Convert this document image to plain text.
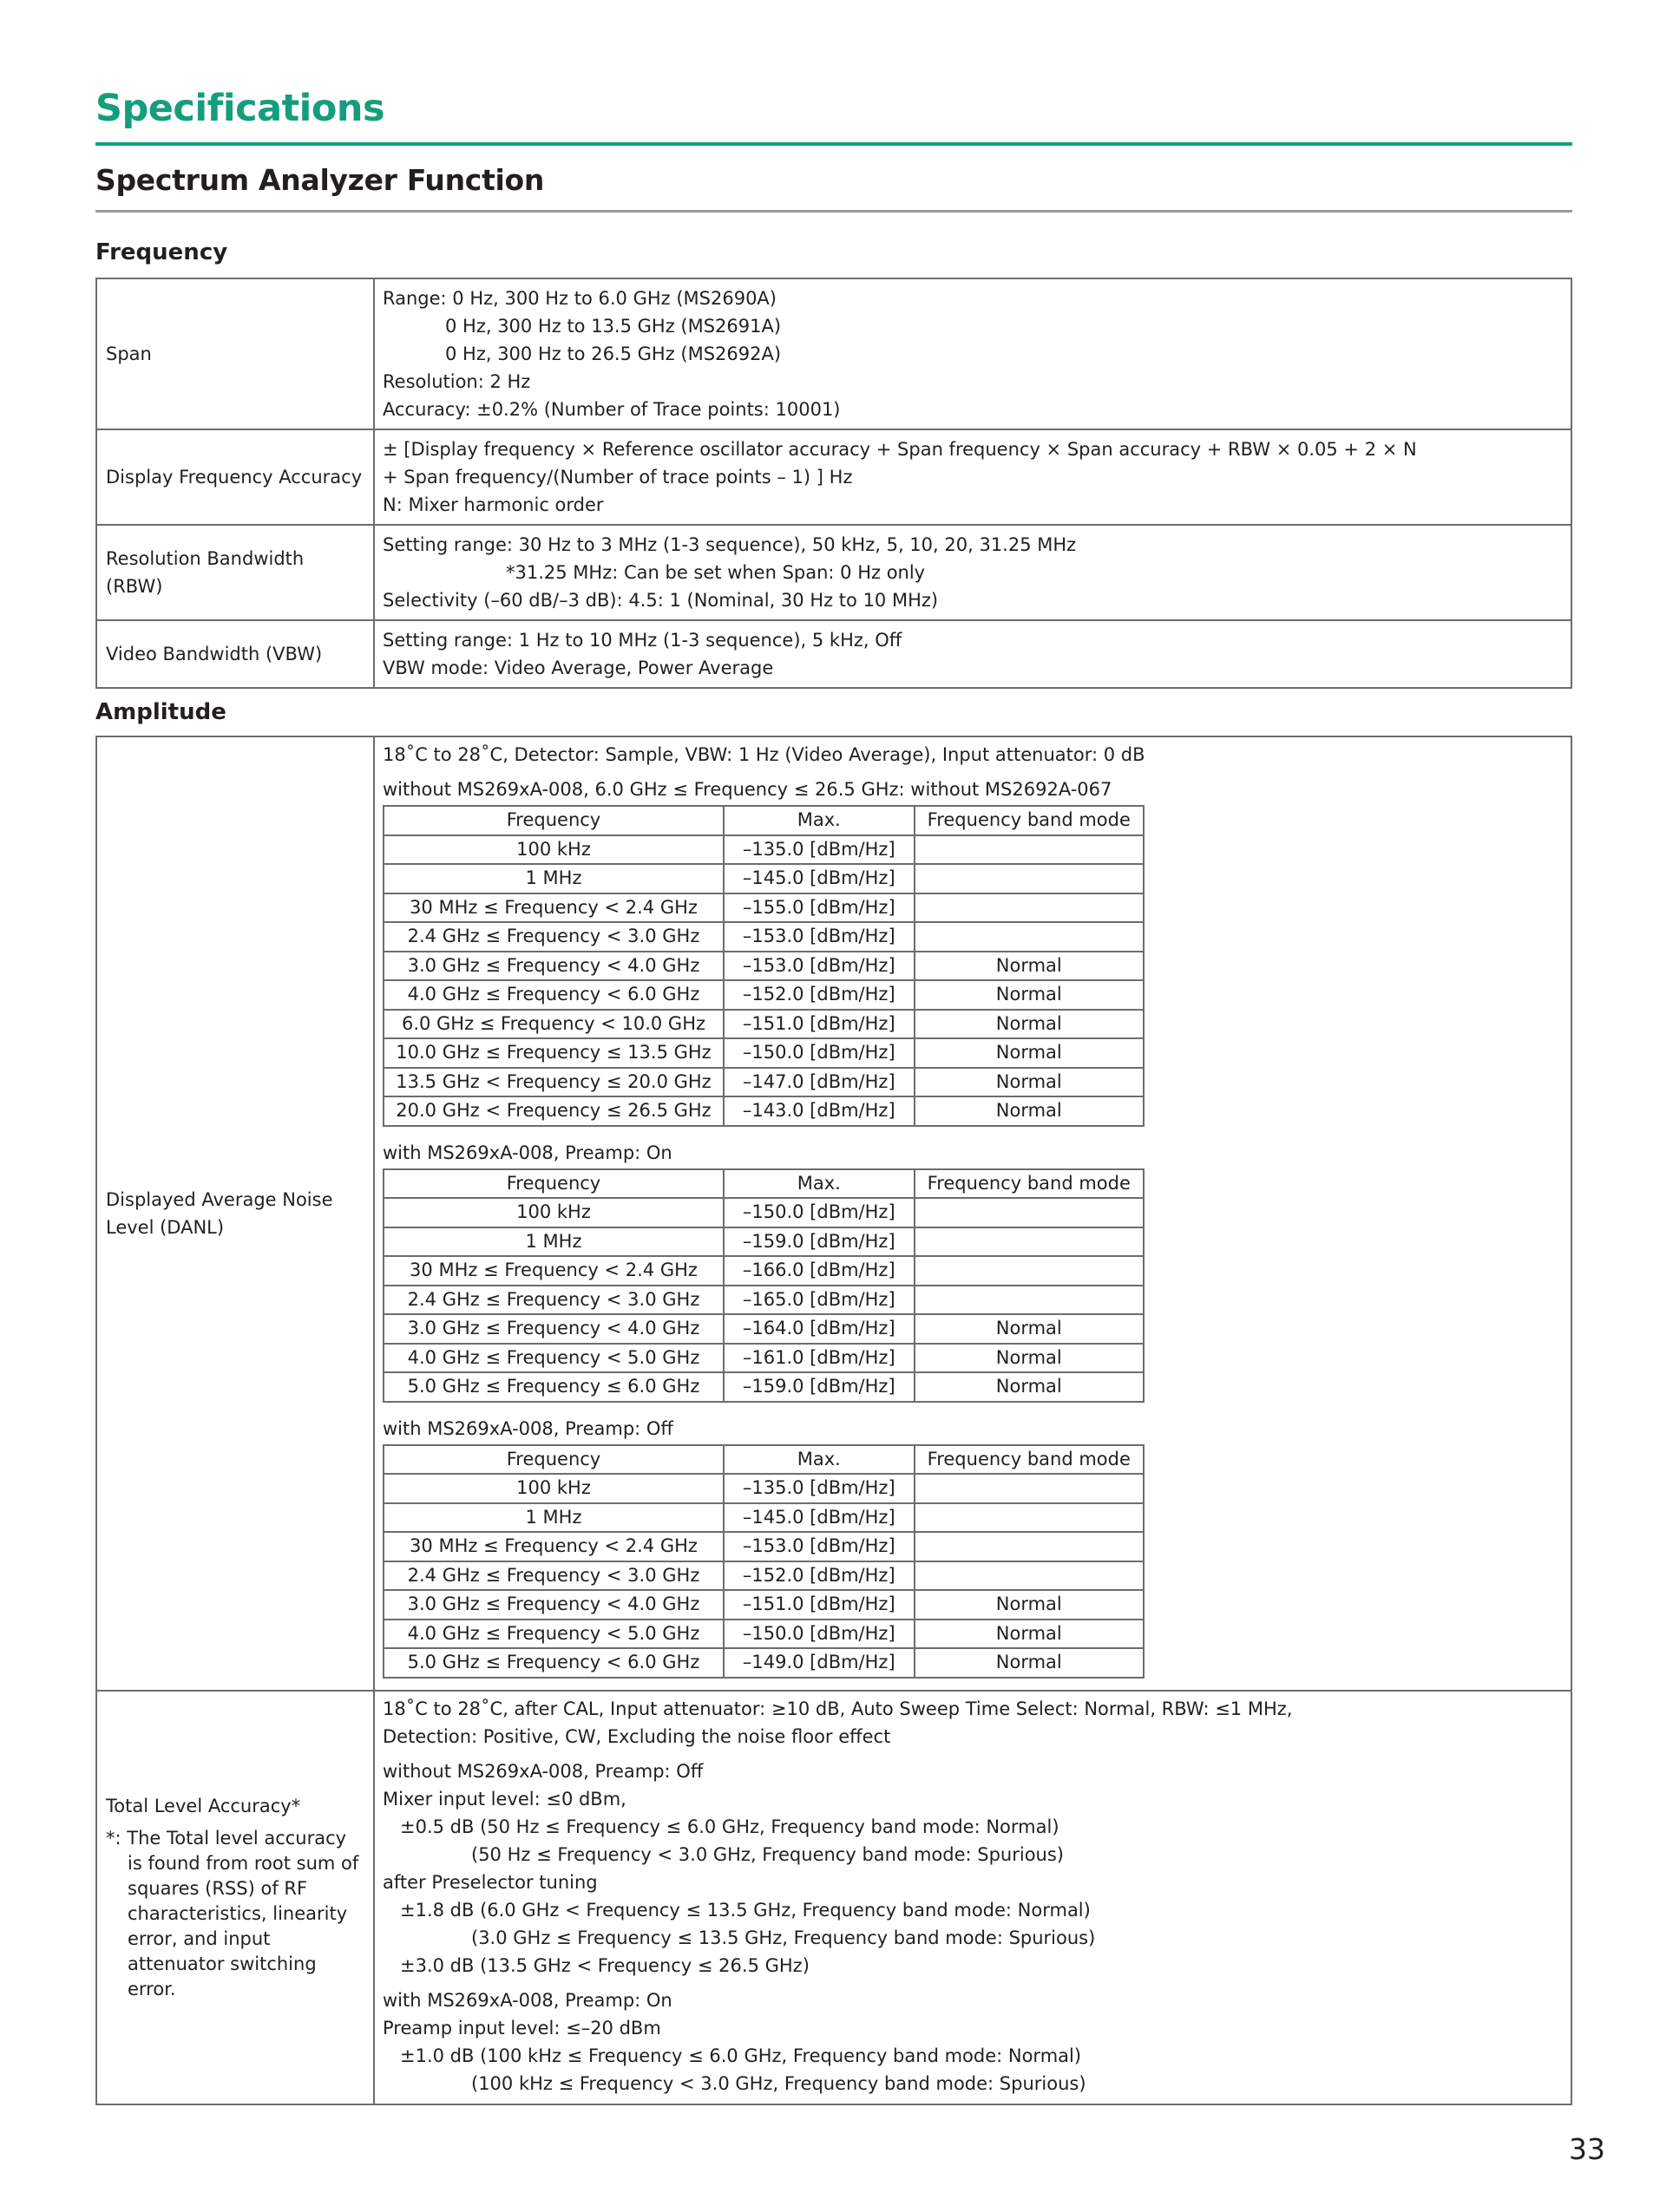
Specifications
Spectrum Analyzer Function
Frequency
Span	Range: 0 Hz, 300 Hz to 6.0 GHz (MS2690A)
0 Hz, 300 Hz to 13.5 GHz (MS2691A)
0 Hz, 300 Hz to 26.5 GHz (MS2692A)
Resolution: 2 Hz
Accuracy: ±0.2% (Number of Trace points: 10001)

Display Frequency Accuracy	± [Display frequency × Reference oscillator accuracy + Span frequency × Span accuracy + RBW × 0.05 + 2 × N
+ Span frequency/(Number of trace points – 1) ] Hz
N: Mixer harmonic order

Resolution Bandwidth (RBW)	Setting range: 30 Hz to 3 MHz (1-3 sequence), 50 kHz, 5, 10, 20, 31.25 MHz
*31.25 MHz: Can be set when Span: 0 Hz only
Selectivity (–60 dB/–3 dB): 4.5: 1 (Nominal, 30 Hz to 10 MHz)

Video Bandwidth (VBW)	Setting range: 1 Hz to 10 MHz (1-3 sequence), 5 kHz, Off
VBW mode: Video Average, Power Average
Amplitude
Displayed Average Noise
Level (DANL)

18˚C to 28˚C, Detector: Sample, VBW: 1 Hz (Video Average), Input attenuator: 0 dB
without MS269xA-008, 6.0 GHz ≤ Frequency ≤ 26.5 GHz: without MS2692A-067
Frequency	Max.	Frequency band mode
100 kHz	–135.0 [dBm/Hz]	
1 MHz	–145.0 [dBm/Hz]	
30 MHz ≤ Frequency < 2.4 GHz	–155.0 [dBm/Hz]	
2.4 GHz ≤ Frequency < 3.0 GHz	–153.0 [dBm/Hz]	
3.0 GHz ≤ Frequency < 4.0 GHz	–153.0 [dBm/Hz]	Normal
4.0 GHz ≤ Frequency < 6.0 GHz	–152.0 [dBm/Hz]	Normal
6.0 GHz ≤ Frequency < 10.0 GHz	–151.0 [dBm/Hz]	Normal
10.0 GHz ≤ Frequency ≤ 13.5 GHz	–150.0 [dBm/Hz]	Normal
13.5 GHz < Frequency ≤ 20.0 GHz	–147.0 [dBm/Hz]	Normal
20.0 GHz < Frequency ≤ 26.5 GHz	–143.0 [dBm/Hz]	Normal
with MS269xA-008, Preamp: On
Frequency	Max.	Frequency band mode
100 kHz	–150.0 [dBm/Hz]	
1 MHz	–159.0 [dBm/Hz]	
30 MHz ≤ Frequency < 2.4 GHz	–166.0 [dBm/Hz]	
2.4 GHz ≤ Frequency < 3.0 GHz	–165.0 [dBm/Hz]	
3.0 GHz ≤ Frequency < 4.0 GHz	–164.0 [dBm/Hz]	Normal
4.0 GHz ≤ Frequency < 5.0 GHz	–161.0 [dBm/Hz]	Normal
5.0 GHz ≤ Frequency ≤ 6.0 GHz	–159.0 [dBm/Hz]	Normal
with MS269xA-008, Preamp: Off
Frequency	Max.	Frequency band mode
100 kHz	–135.0 [dBm/Hz]	
1 MHz	–145.0 [dBm/Hz]	
30 MHz ≤ Frequency < 2.4 GHz	–153.0 [dBm/Hz]	
2.4 GHz ≤ Frequency < 3.0 GHz	–152.0 [dBm/Hz]	
3.0 GHz ≤ Frequency < 4.0 GHz	–151.0 [dBm/Hz]	Normal
4.0 GHz ≤ Frequency < 5.0 GHz	–150.0 [dBm/Hz]	Normal
5.0 GHz ≤ Frequency < 6.0 GHz	–149.0 [dBm/Hz]	Normal

Total Level Accuracy*
*: The Total level accuracy is found from root sum of squares (RSS) of RF characteristics, linearity error, and input attenuator switching error.

18˚C to 28˚C, after CAL, Input attenuator: ≥10 dB, Auto Sweep Time Select: Normal, RBW: ≤1 MHz,
Detection: Positive, CW, Excluding the noise floor effect
without MS269xA-008, Preamp: Off
Mixer input level: ≤0 dBm,
±0.5 dB (50 Hz ≤ Frequency ≤ 6.0 GHz, Frequency band mode: Normal)
(50 Hz ≤ Frequency < 3.0 GHz, Frequency band mode: Spurious)
after Preselector tuning
±1.8 dB (6.0 GHz < Frequency ≤ 13.5 GHz, Frequency band mode: Normal)
(3.0 GHz ≤ Frequency ≤ 13.5 GHz, Frequency band mode: Spurious)
±3.0 dB (13.5 GHz < Frequency ≤ 26.5 GHz)
with MS269xA-008, Preamp: On
Preamp input level: ≤–20 dBm
±1.0 dB (100 kHz ≤ Frequency ≤ 6.0 GHz, Frequency band mode: Normal)
(100 kHz ≤ Frequency < 3.0 GHz, Frequency band mode: Spurious)
33
